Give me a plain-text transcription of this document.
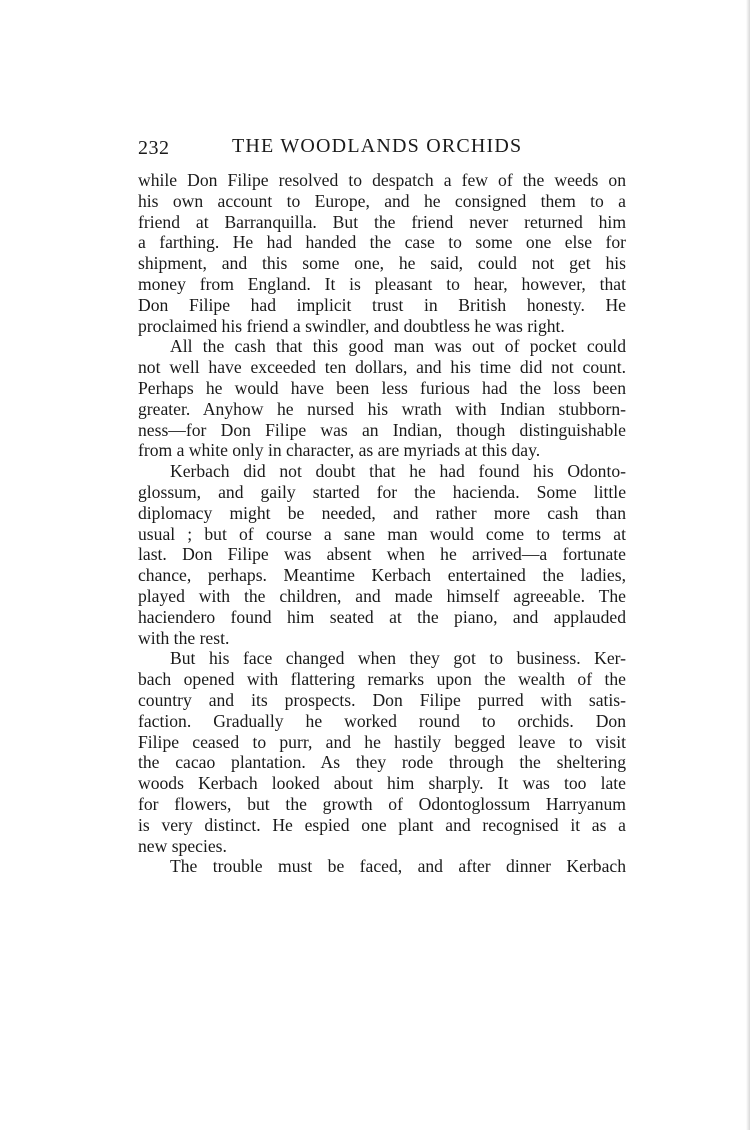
232	THE WOODLANDS ORCHIDS

while Don Filipe resolved to despatch a few of the weeds on
his own account to Europe, and he consigned them to a
friend at Barranquilla. But the friend never returned him
a farthing. He had handed the case to some one else for
shipment, and this some one, he said, could not get his
money from England. It is pleasant to hear, however, that
Don Filipe had implicit trust in British honesty. He
proclaimed his friend a swindler, and doubtless he was right.

All the cash that this good man was out of pocket could
not well have exceeded ten dollars, and his time did not count.
Perhaps he would have been less furious had the loss been
greater. Anyhow he nursed his wrath with Indian stubborn-
ness—for Don Filipe was an Indian, though distinguishable
from a white only in character, as are myriads at this day.

Kerbach did not doubt that he had found his Odonto-
glossum, and gaily started for the hacienda. Some little
diplomacy might be needed, and rather more cash than
usual ; but of course a sane man would come to terms at
last. Don Filipe was absent when he arrived—a fortunate
chance, perhaps. Meantime Kerbach entertained the ladies,
played with the children, and made himself agreeable. The
haciendero found him seated at the piano, and applauded
with the rest.

But his face changed when they got to business. Ker-
bach opened with flattering remarks upon the wealth of the
country and its prospects. Don Filipe purred with satis-
faction. Gradually he worked round to orchids. Don
Filipe ceased to purr, and he hastily begged leave to visit
the cacao plantation. As they rode through the sheltering
woods Kerbach looked about him sharply. It was too late
for flowers, but the growth of Odontoglossum Harryanum
is very distinct. He espied one plant and recognised it as a
new species.

The trouble must be faced, and after dinner Kerbach
